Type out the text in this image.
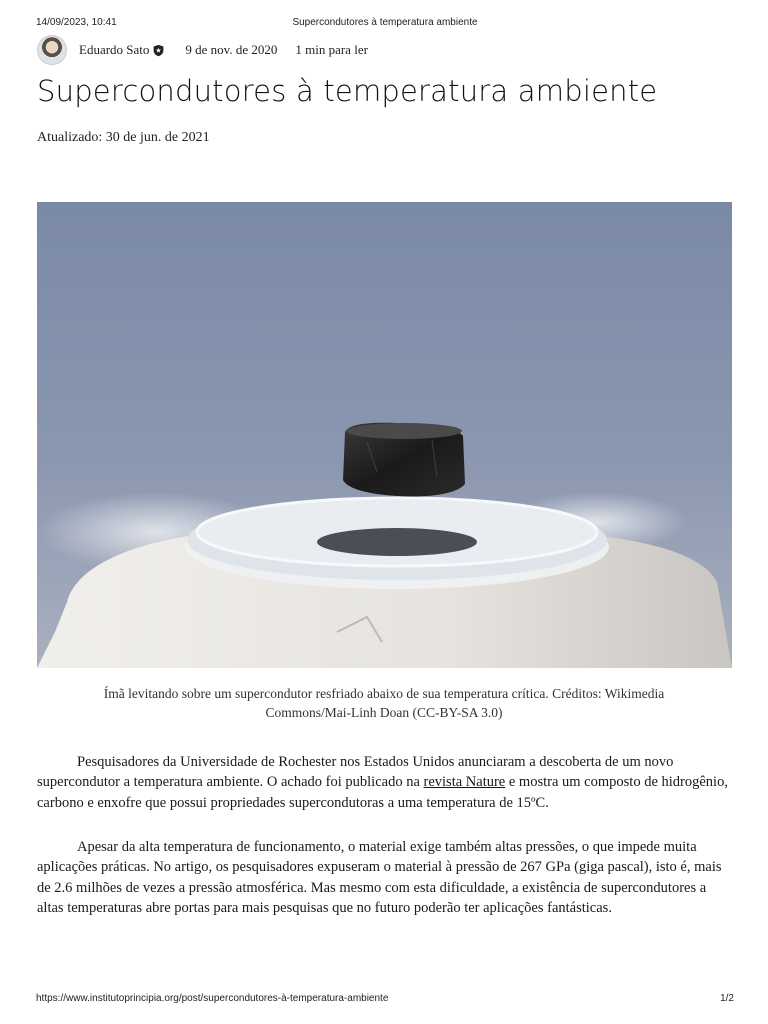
14/09/2023, 10:41	Supercondutores à temperatura ambiente
Eduardo Sato	9 de nov. de 2020 1 min para ler
Supercondutores à temperatura ambiente
Atualizado: 30 de jun. de 2021
Ímã levitando sobre um supercondutor resfriado abaixo de sua temperatura crítica. Créditos: Wikimedia
Commons/Mai-Linh Doan (CC-BY-SA 3.0)

Pesquisadores da Universidade de Rochester nos Estados Unidos anunciaram a descoberta de um novo supercondutor a temperatura ambiente. O achado foi publicado na revista Nature e mostra um composto de hidrogênio, carbono e enxofre que possui propriedades supercondutoras a uma temperatura de 15ºC.

Apesar da alta temperatura de funcionamento, o material exige também altas pressões, o que impede muita aplicações práticas. No artigo, os pesquisadores expuseram o material à pressão de 267 GPa (giga pascal), isto é, mais de 2.6 milhões de vezes a pressão atmosférica. Mas mesmo com esta dificuldade, a existência de supercondutores a altas temperaturas abre portas para mais pesquisas que no futuro poderão ter aplicações fantásticas.

https://www.institutoprincipia.org/post/supercondutores-à-temperatura-ambiente	1/2
